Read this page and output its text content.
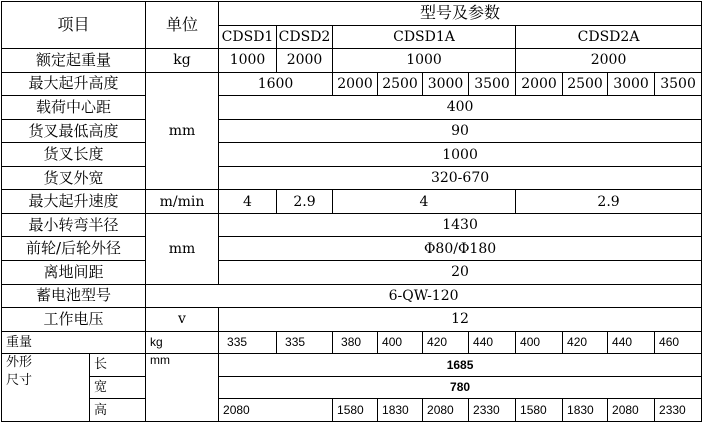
项目		单位	型号及参数									
			CDSD1	CDSD2	CDSD1A				CDSD2A			
额定起重量		kg	1000	2000	1000				2000			
最大起升高度		mm	1600		2000	2500	3000	3500	2000	2500	3000	3500
载荷中心距			400									
货叉最低高度			90									
货叉长度			1000									
货叉外宽			320-670									
最大起升速度		m/min	4	2.9	4				2.9			
最小转弯半径		mm	1430									
前轮/后轮外径			Φ80/Φ180									
离地间距			20									
蓄电池型号		6-QW-120										
工作电压		v	12									
重量		kg	335	335	380	400	420	440	400	420	440	460
外形
尺寸	长	mm	1685									
	宽		780									
	高		2080		1580	1830	2080	2330	1580	1830	2080	2330
